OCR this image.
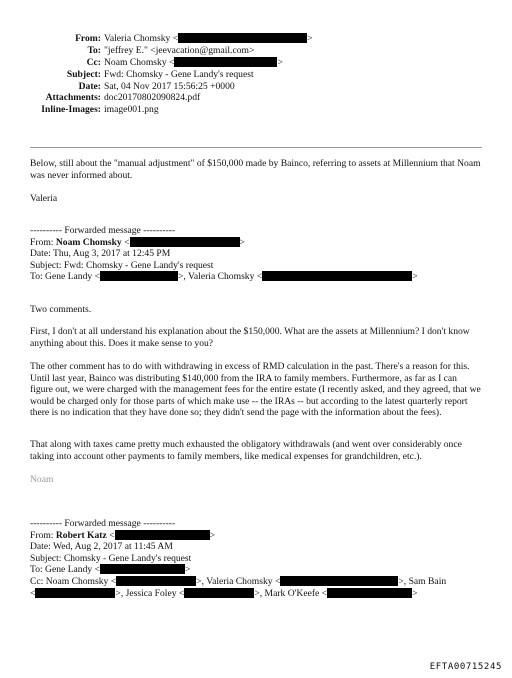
From: Valeria Chomsky <	>
To: "jeffrey E." <jeevacation@gmail.com>
Cc: Noam Chomsky <	>
Subject: Fwd: Chomsky - Gene Landy's request
Date: Sat, 04 Nov 2017 15:56:25 +0000
Attachments: doc20170802090824.pdf
Inline-Images: image001.png

Below, still about the "manual adjustment" of $150,000 made by Bainco, referring to assets at Millennium that Noam was never informed about.

Valeria

---------- Forwarded message ----------
From: Noam Chomsky <	>
Date: Thu, Aug 3, 2017 at 12:45 PM
Subject: Fwd: Chomsky - Gene Landy's request
To: Gene Landy <	>, Valeria Chomsky <	>

Two comments.

First, I don't at all understand his explanation about the $150,000. What are the assets at Millennium? I don't know anything about this. Does it make sense to you?

The other comment has to do with withdrawing in excess of RMD calculation in the past. There's a reason for this. Until last year, Bainco was distributing $140,000 from the IRA to family members. Furthermore, as far as I can figure out, we were charged with the management fees for the entire estate (I recently asked, and they agreed, that we would be charged only for those parts of which make use -- the IRAs -- but according to the latest quarterly report there is no indication that they have done so; they didn't send the page with the information about the fees).

That along with taxes came pretty much exhausted the obligatory withdrawals (and went over considerably once taking into account other payments to family members, like medical expenses for grandchildren, etc.).

Noam

---------- Forwarded message ----------
From: Robert Katz <	>
Date: Wed, Aug 2, 2017 at 11:45 AM
Subject: Chomsky - Gene Landy's request
To: Gene Landy <	>
Cc: Noam Chomsky <	>, Valeria Chomsky <	>, Sam Bain
<	>, Jessica Foley <	>, Mark O'Keefe <	>
EFTA00715245
